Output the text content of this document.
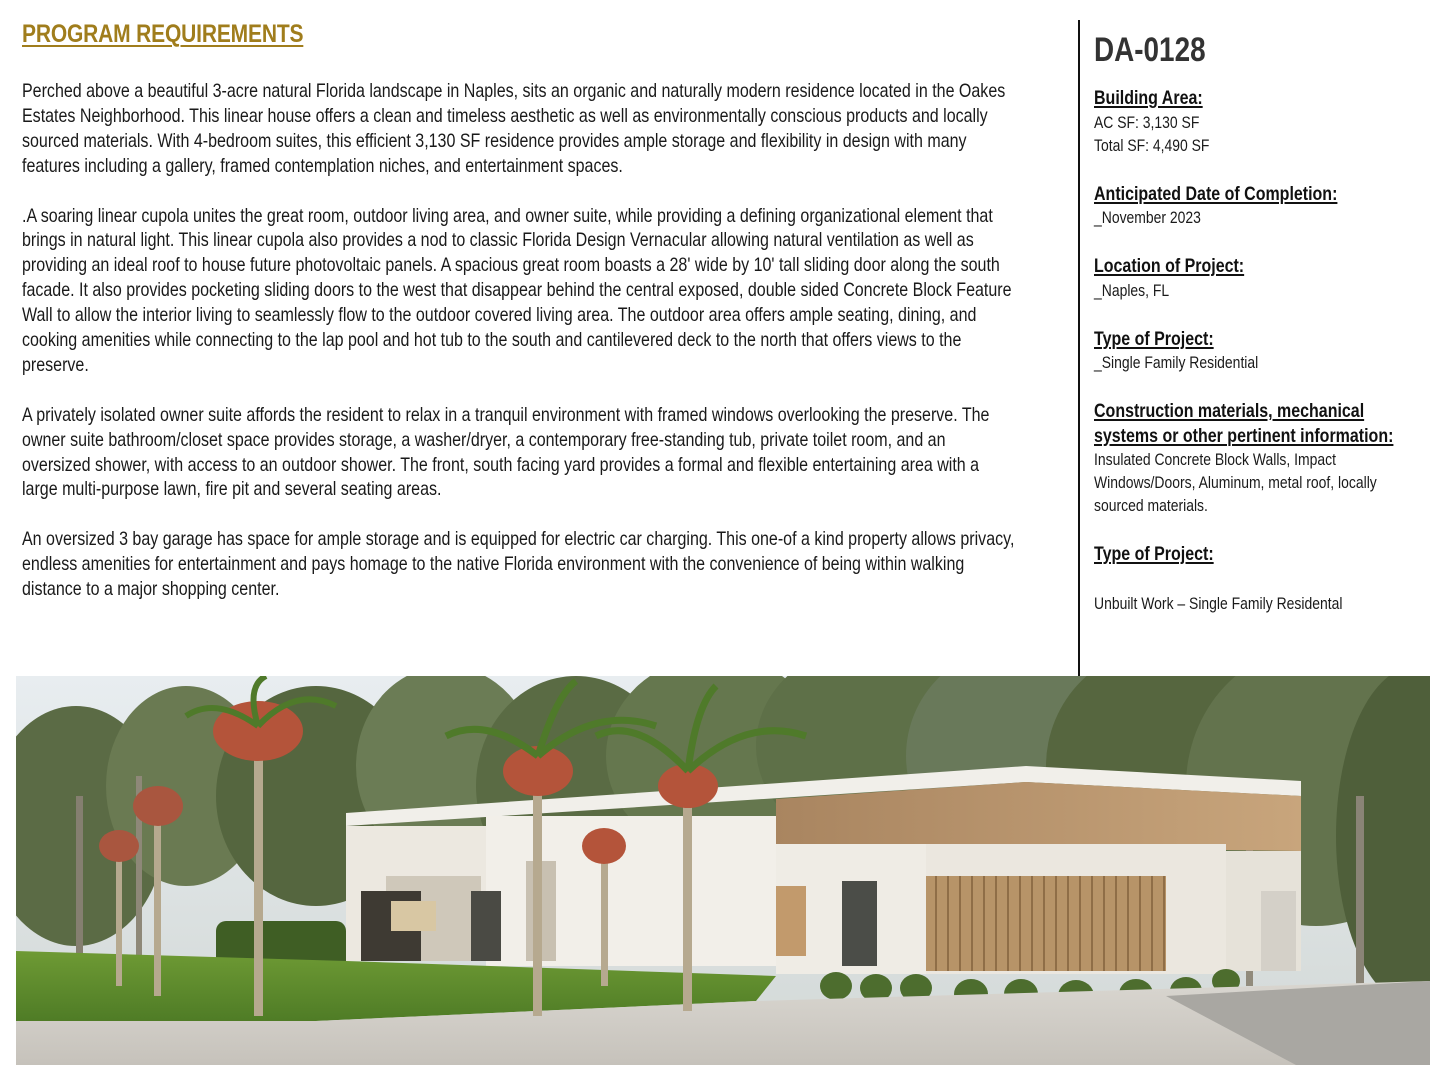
PROGRAM REQUIREMENTS

Perched above a beautiful 3-acre natural Florida landscape in Naples, sits an organic and naturally modern residence located in the Oakes Estates Neighborhood. This linear house offers a clean and timeless aesthetic as well as environmentally conscious products and locally sourced materials. With 4-bedroom suites, this efficient 3,130 SF residence provides ample storage and flexibility in design with many features including a gallery, framed contemplation niches, and entertainment spaces.

.A soaring linear cupola unites the great room, outdoor living area, and owner suite, while providing a defining organizational element that brings in natural light. This linear cupola also provides a nod to classic Florida Design Vernacular allowing natural ventilation as well as providing an ideal roof to house future photovoltaic panels. A spacious great room boasts a 28' wide by 10' tall sliding door along the south facade. It also provides pocketing sliding doors to the west that disappear behind the central exposed, double sided Concrete Block Feature Wall to allow the interior living to seamlessly flow to the outdoor covered living area. The outdoor area offers ample seating, dining, and cooking amenities while connecting to the lap pool and hot tub to the south and cantilevered deck to the north that offers views to the preserve.

A privately isolated owner suite affords the resident to relax in a tranquil environment with framed windows overlooking the preserve. The owner suite bathroom/closet space provides storage, a washer/dryer, a contemporary free-standing tub, private toilet room, and an oversized shower, with access to an outdoor shower. The front, south facing yard provides a formal and flexible entertaining area with a large multi-purpose lawn, fire pit and several seating areas.

An oversized 3 bay garage has space for ample storage and is equipped for electric car charging. This one-of a kind property allows privacy, endless amenities for entertainment and pays homage to the native Florida environment with the convenience of being within walking distance to a major shopping center.

DA-0128
Building Area:
AC SF: 3,130 SF
Total SF: 4,490 SF
Anticipated Date of Completion:
_November 2023
Location of Project:
_Naples, FL
Type of Project:
_Single Family Residential
Construction materials, mechanical systems or other pertinent information:
Insulated Concrete Block Walls, Impact Windows/Doors, Aluminum, metal roof, locally sourced materials.
Type of Project:
Unbuilt Work – Single Family Residental
